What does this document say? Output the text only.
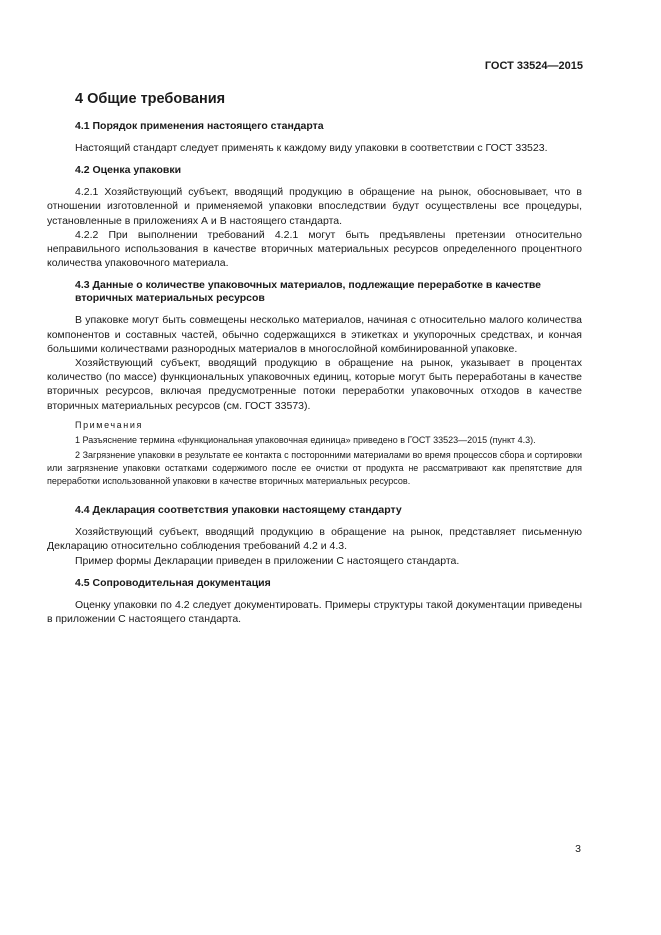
ГОСТ 33524—2015
4 Общие требования
4.1 Порядок применения настоящего стандарта

Настоящий стандарт следует применять к каждому виду упаковки в соответствии с ГОСТ 33523.

4.2 Оценка упаковки

4.2.1 Хозяйствующий субъект, вводящий продукцию в обращение на рынок, обосновывает, что в отношении изготовленной и применяемой упаковки впоследствии будут осуществлены все процедуры, установленные в приложениях А и В настоящего стандарта.

4.2.2 При выполнении требований 4.2.1 могут быть предъявлены претензии относительно неправильного использования в качестве вторичных материальных ресурсов определенного процентного количества упаковочного материала.

4.3 Данные о количестве упаковочных материалов, подлежащие переработке в качестве вторичных материальных ресурсов

В упаковке могут быть совмещены несколько материалов, начиная с относительно малого количества компонентов и составных частей, обычно содержащихся в этикетках и укупорочных средствах, и кончая большими количествами разнородных материалов в многослойной комбинированной упаковке.

Хозяйствующий субъект, вводящий продукцию в обращение на рынок, указывает в процентах количество (по массе) функциональных упаковочных единиц, которые могут быть переработаны в качестве вторичных ресурсов, включая предусмотренные потоки переработки упаковочных отходов в качестве вторичных материальных ресурсов (см. ГОСТ 33573).

Примечания
1 Разъяснение термина «функциональная упаковочная единица» приведено в ГОСТ 33523—2015 (пункт 4.3).
2 Загрязнение упаковки в результате ее контакта с посторонними материалами во время процессов сбора и сортировки или загрязнение упаковки остатками содержимого после ее очистки от продукта не рассматривают как препятствие для переработки использованной упаковки в качестве вторичных материальных ресурсов.
4.4 Декларация соответствия упаковки настоящему стандарту

Хозяйствующий субъект, вводящий продукцию в обращение на рынок, представляет письменную Декларацию относительно соблюдения требований 4.2 и 4.3.

Пример формы Декларации приведен в приложении С настоящего стандарта.

4.5 Сопроводительная документация

Оценку упаковки по 4.2 следует документировать. Примеры структуры такой документации приведены в приложении С настоящего стандарта.

3
